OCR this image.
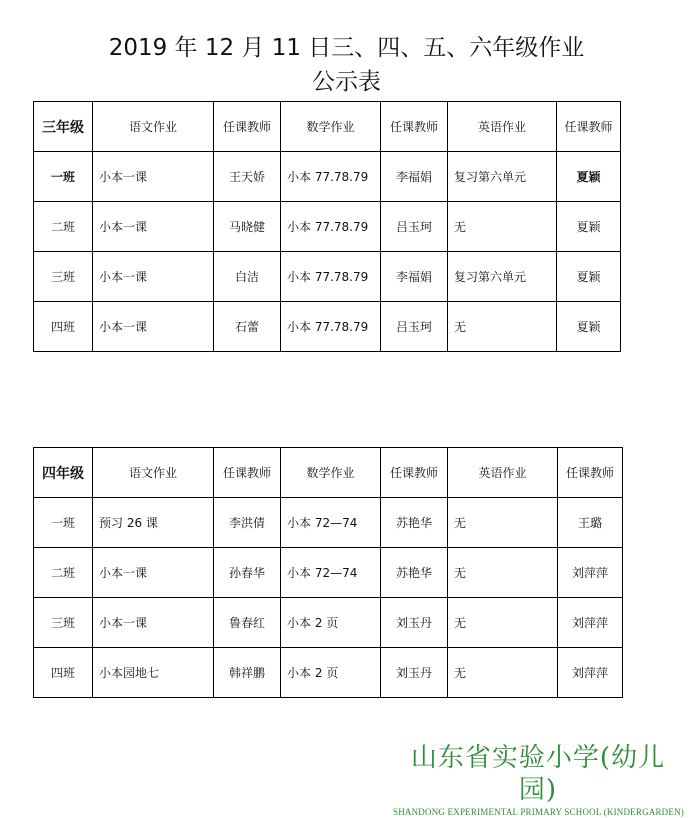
2019 年 12 月 11 日三、四、五、六年级作业
公示表
三年级	语文作业	任课教师	数学作业	任课教师	英语作业	任课教师
一班	小本一课	王天娇	小本 77.78.79	李福娟	复习第六单元	夏颖
二班	小本一课	马晓健	小本 77.78.79	吕玉珂	无	夏颖
三班	小本一课	白洁	小本 77.78.79	李福娟	复习第六单元	夏颖
四班	小本一课	石蕾	小本 77.78.79	吕玉珂	无	夏颖
四年级	语文作业	任课教师	数学作业	任课教师	英语作业	任课教师
一班	预习 26 课	李洪倩	小本 72—74	苏艳华	无	王璐
二班	小本一课	孙春华	小本 72—74	苏艳华	无	刘萍萍
三班	小本一课	鲁春红	小本 2 页	刘玉丹	无	刘萍萍
四班	小本园地七	韩祥鹏	小本 2 页	刘玉丹	无	刘萍萍
山东省实验小学(幼儿园)
SHANDONG EXPERIMENTAL PRIMARY SCHOOL (KINDERGARDEN)
